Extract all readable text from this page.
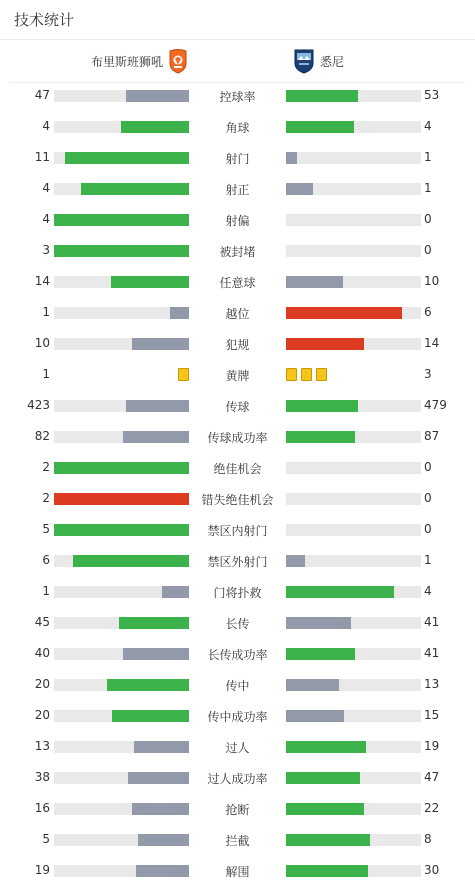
技术统计
布里斯班狮吼	悉尼
47	控球率	53
4	角球	4
11	射门	1
4	射正	1
4	射偏	0
3	被封堵	0
14	任意球	10
1	越位	6
10	犯规	14
1	黄牌	3
423	传球	479
82	传球成功率	87
2	绝佳机会	0
2	错失绝佳机会	0
5	禁区内射门	0
6	禁区外射门	1
1	门将扑救	4
45	长传	41
40	长传成功率	41
20	传中	13
20	传中成功率	15
13	过人	19
38	过人成功率	47
16	抢断	22
5	拦截	8
19	解围	30
